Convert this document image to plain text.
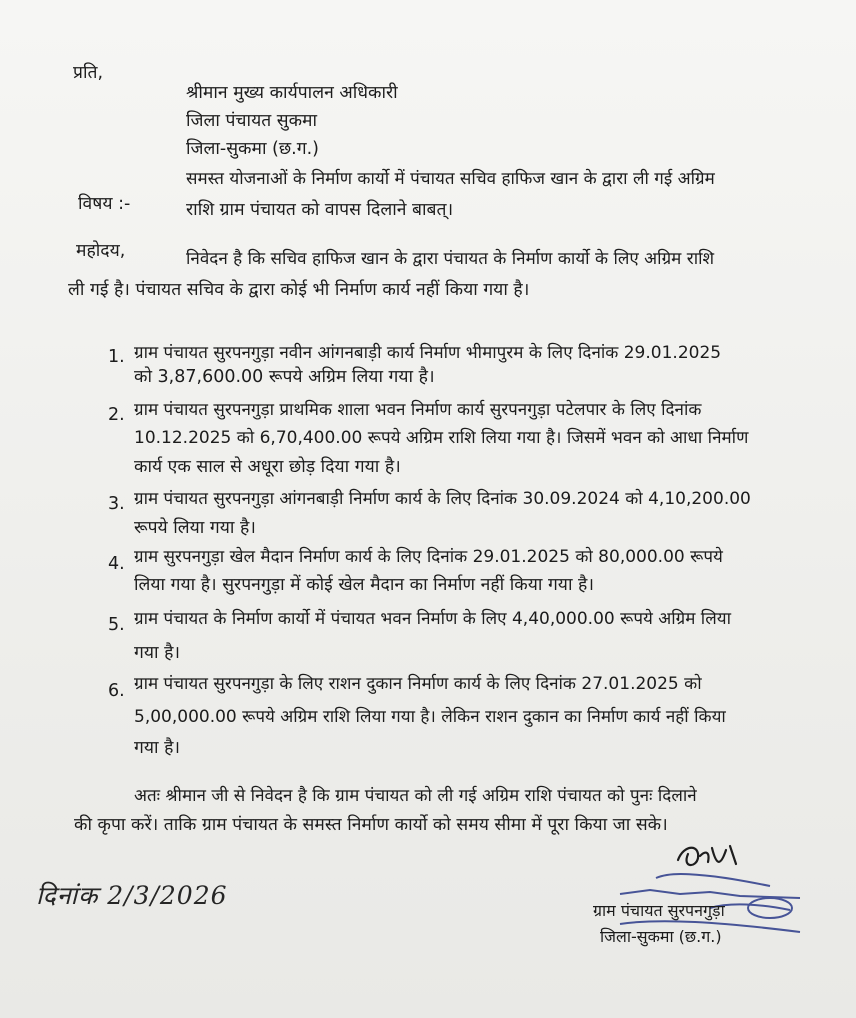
प्रति,
श्रीमान मुख्य कार्यपालन अधिकारी
जिला पंचायत सुकमा
जिला-सुकमा (छ.ग.)
विषय :-
समस्त योजनाओं के निर्माण कार्यो में पंचायत सचिव हाफिज खान के द्वारा ली गई अग्रिम
राशि ग्राम पंचायत को वापस दिलाने बाबत्।
महोदय,	निवेदन है कि सचिव हाफिज खान के द्वारा पंचायत के निर्माण कार्यो के लिए अग्रिम राशि
ली गई है। पंचायत सचिव के द्वारा कोई भी निर्माण कार्य नहीं किया गया है।
1. ग्राम पंचायत सुरपनगुड़ा नवीन आंगनबाड़ी कार्य निर्माण भीमापुरम के लिए दिनांक 29.01.2025
को 3,87,600.00 रूपये अग्रिम लिया गया है।
2. ग्राम पंचायत सुरपनगुड़ा प्राथमिक शाला भवन निर्माण कार्य सुरपनगुड़ा पटेलपार के लिए दिनांक
10.12.2025 को 6,70,400.00 रूपये अग्रिम राशि लिया गया है। जिसमें भवन को आधा निर्माण
कार्य एक साल से अधूरा छोड़ दिया गया है।
3. ग्राम पंचायत सुरपनगुड़ा आंगनबाड़ी निर्माण कार्य के लिए दिनांक 30.09.2024 को 4,10,200.00
रूपये लिया गया है।
4. ग्राम सुरपनगुड़ा खेल मैदान निर्माण कार्य के लिए दिनांक 29.01.2025 को 80,000.00 रूपये
लिया गया है। सुरपनगुड़ा में कोई खेल मैदान का निर्माण नहीं किया गया है।
5. ग्राम पंचायत के निर्माण कार्यो में पंचायत भवन निर्माण के लिए 4,40,000.00 रूपये अग्रिम लिया
गया है।
6. ग्राम पंचायत सुरपनगुड़ा के लिए राशन दुकान निर्माण कार्य के लिए दिनांक 27.01.2025 को
5,00,000.00 रूपये अग्रिम राशि लिया गया है। लेकिन राशन दुकान का निर्माण कार्य नहीं किया
गया है।
अतः श्रीमान जी से निवेदन है कि ग्राम पंचायत को ली गई अग्रिम राशि पंचायत को पुनः दिलाने
की कृपा करें। ताकि ग्राम पंचायत के समस्त निर्माण कार्यो को समय सीमा में पूरा किया जा सके।
दिनांक 2/3/2026
ग्राम पंचायत सुरपनगुड़ा
जिला-सुकमा (छ.ग.)
